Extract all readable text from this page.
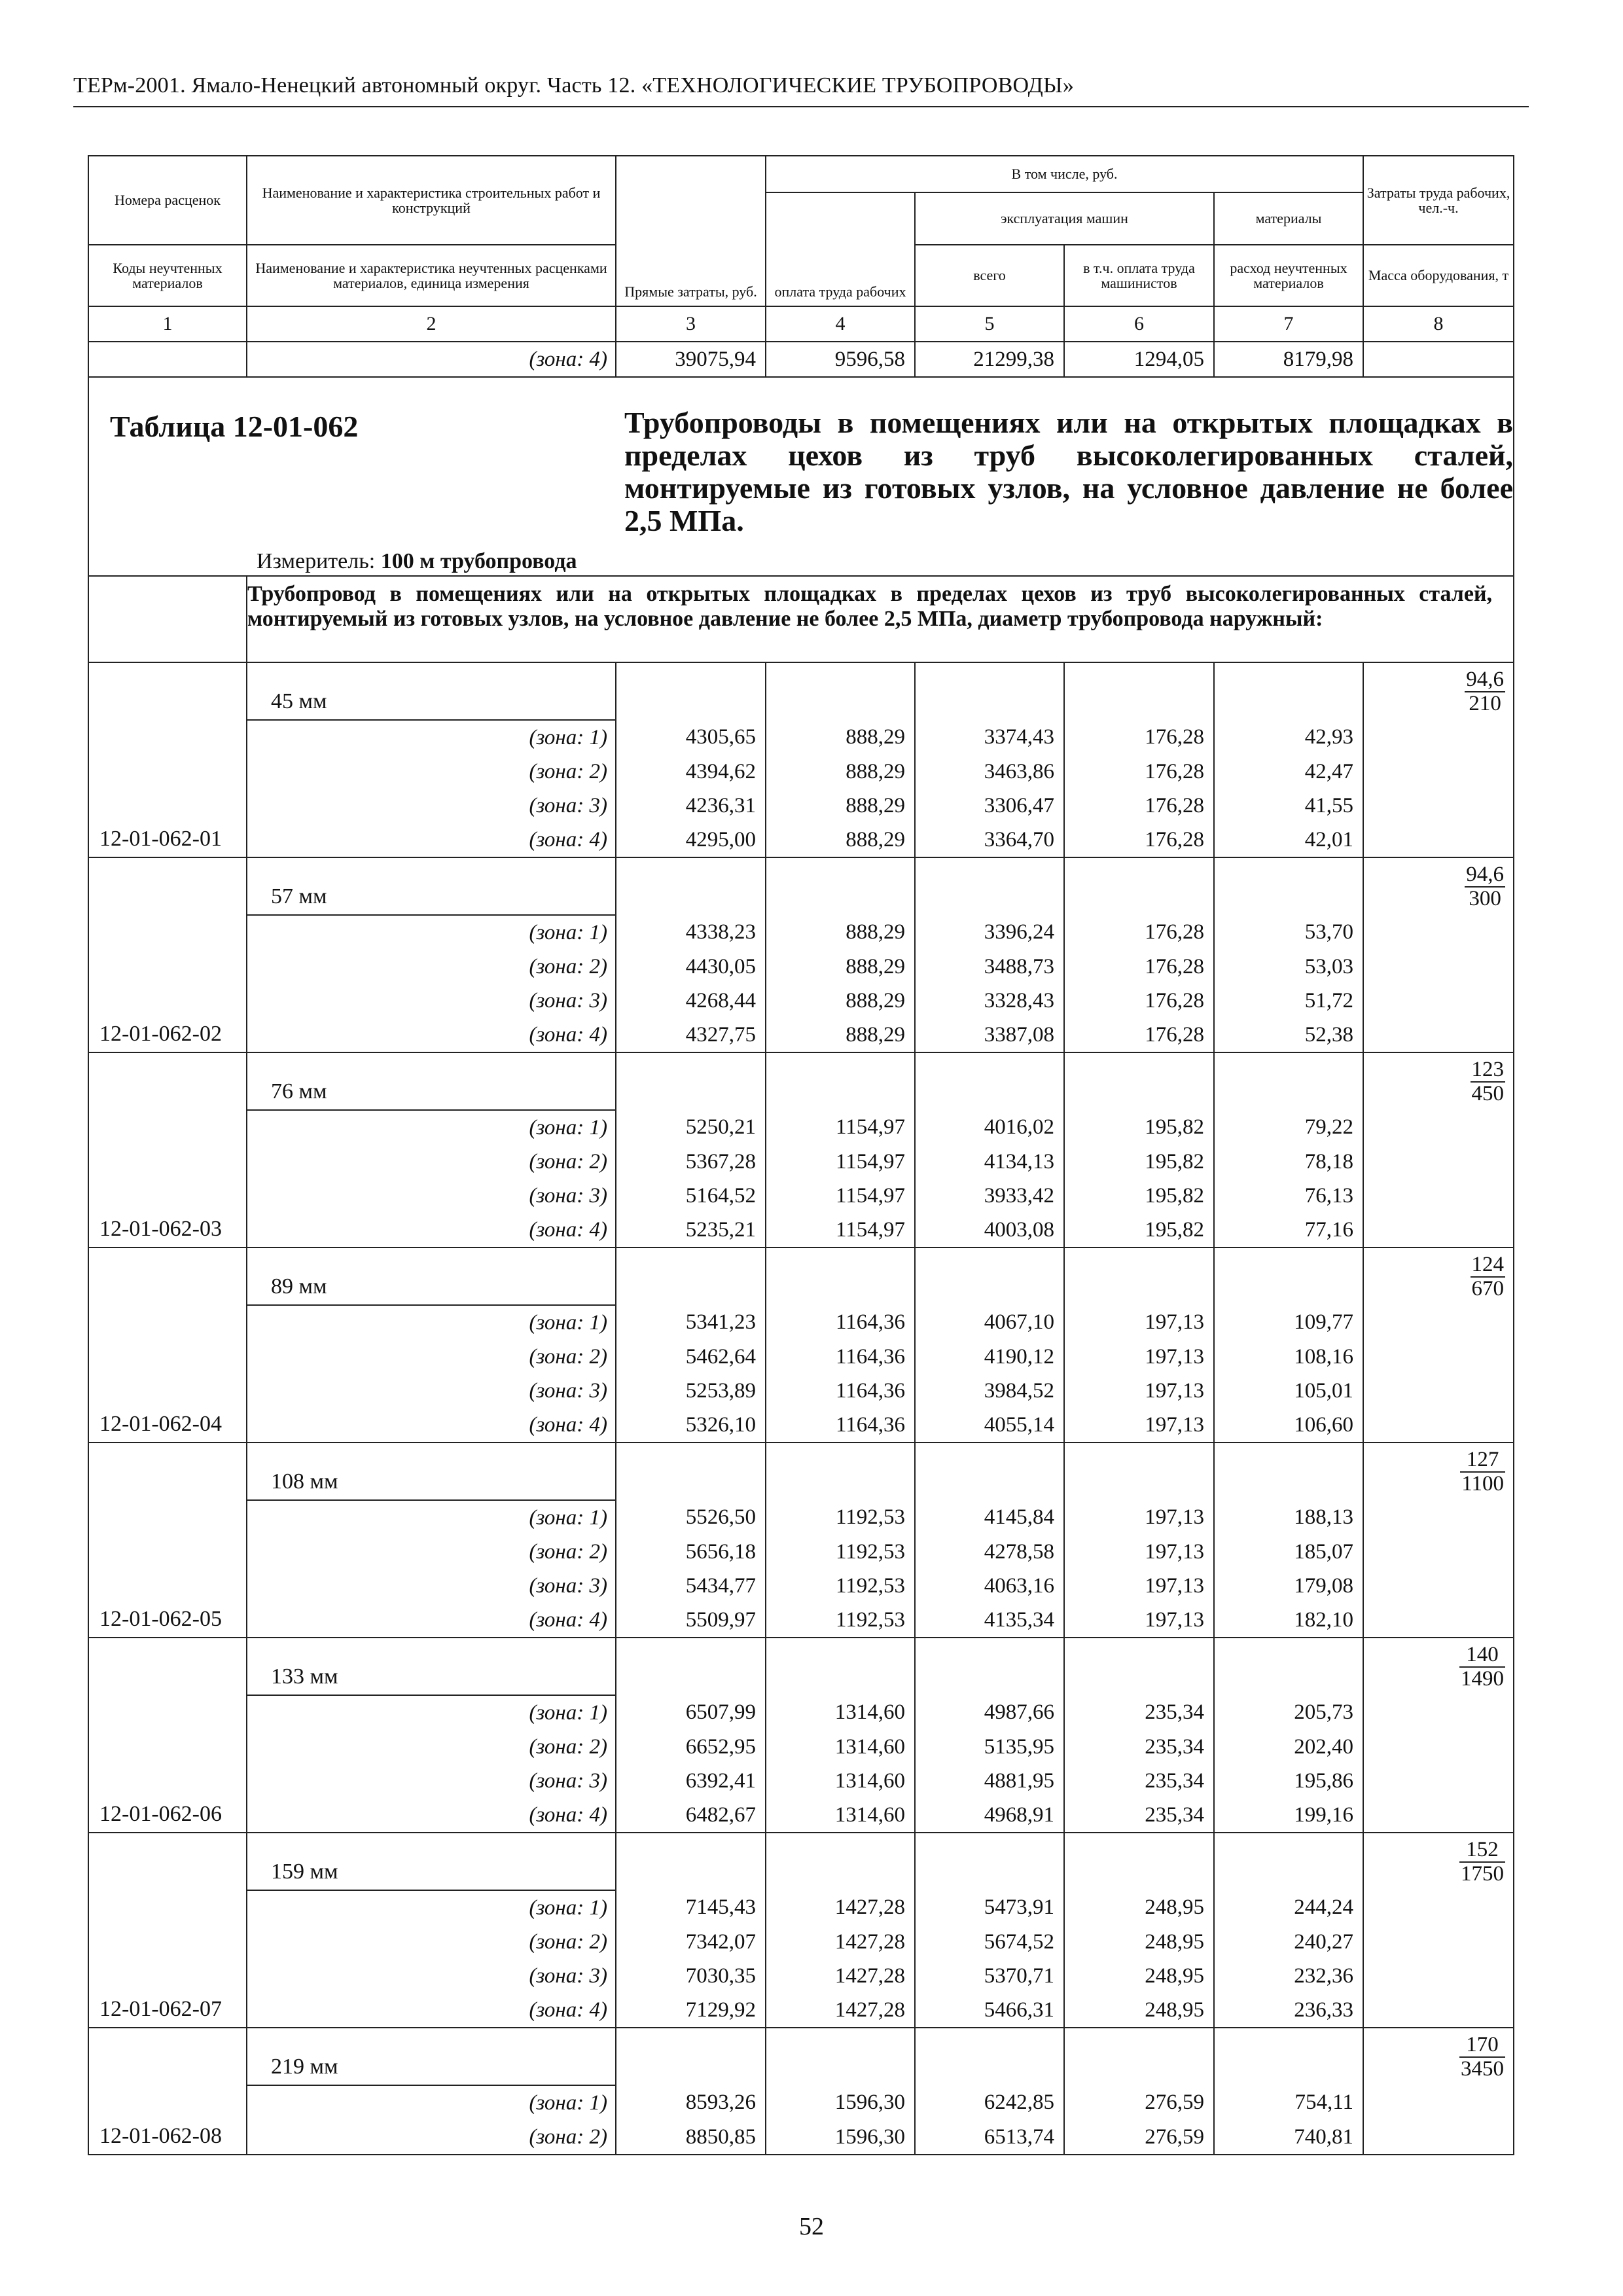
ТЕРм-2001. Ямало-Ненецкий автономный округ. Часть 12. «ТЕХНОЛОГИЧЕСКИЕ ТРУБОПРОВОДЫ»
Номера расценок	Наименование и характеристика строительных работ и конструкций	Прямые затраты, руб.	В том числе, руб.				Затраты труда рабочих, чел.-ч.
			оплата труда рабочих	эксплуатация машин		материалы	
Коды неучтенных материалов	Наименование и характеристика неучтенных расценками материалов, единица измерения			всего	в т.ч. оплата труда машинистов	расход неучтенных материалов	Масса оборудования, т
1	2	3	4	5	6	7	8
	(зона: 4)	39075,94	9596,58	21299,38	1294,05	8179,98	

Таблица 12-01-062 Трубопроводы в помещениях или на открытых площадках в пределах цехов из труб высоколегированных сталей, монтируемые из готовых узлов, на условное давление не более 2,5 МПа.
Измеритель: 100 м трубопровода							

	Трубопровод в помещениях или на открытых площадках в пределах цехов из труб высоколегированных сталей, монтируемый из готовых узлов, на условное давление не более 2,5 МПа, диаметр трубопровода наружный:						
12-01-062-01	45 мм						$\frac{94,6}{210}$

	(зона: 1)	4305,65	888,29	3374,43	176,28	42,93	
	(зона: 2)	4394,62	888,29	3463,86	176,28	42,47	
	(зона: 3)	4236,31	888,29	3306,47	176,28	41,55	
	(зона: 4)	4295,00	888,29	3364,70	176,28	42,01	
12-01-062-02	57 мм						$\frac{94,6}{300}$

	(зона: 1)	4338,23	888,29	3396,24	176,28	53,70	
	(зона: 2)	4430,05	888,29	3488,73	176,28	53,03	
	(зона: 3)	4268,44	888,29	3328,43	176,28	51,72	
	(зона: 4)	4327,75	888,29	3387,08	176,28	52,38	
12-01-062-03	76 мм						$\frac{123}{450}$

	(зона: 1)	5250,21	1154,97	4016,02	195,82	79,22	
	(зона: 2)	5367,28	1154,97	4134,13	195,82	78,18	
	(зона: 3)	5164,52	1154,97	3933,42	195,82	76,13	
	(зона: 4)	5235,21	1154,97	4003,08	195,82	77,16	
12-01-062-04	89 мм						$\frac{124}{670}$

	(зона: 1)	5341,23	1164,36	4067,10	197,13	109,77	
	(зона: 2)	5462,64	1164,36	4190,12	197,13	108,16	
	(зона: 3)	5253,89	1164,36	3984,52	197,13	105,01	
	(зона: 4)	5326,10	1164,36	4055,14	197,13	106,60	
12-01-062-05	108 мм						$\frac{127}{1100}$

	(зона: 1)	5526,50	1192,53	4145,84	197,13	188,13	
	(зона: 2)	5656,18	1192,53	4278,58	197,13	185,07	
	(зона: 3)	5434,77	1192,53	4063,16	197,13	179,08	
	(зона: 4)	5509,97	1192,53	4135,34	197,13	182,10	
12-01-062-06	133 мм						$\frac{140}{1490}$

	(зона: 1)	6507,99	1314,60	4987,66	235,34	205,73	
	(зона: 2)	6652,95	1314,60	5135,95	235,34	202,40	
	(зона: 3)	6392,41	1314,60	4881,95	235,34	195,86	
	(зона: 4)	6482,67	1314,60	4968,91	235,34	199,16	
12-01-062-07	159 мм						$\frac{152}{1750}$

	(зона: 1)	7145,43	1427,28	5473,91	248,95	244,24	
	(зона: 2)	7342,07	1427,28	5674,52	248,95	240,27	
	(зона: 3)	7030,35	1427,28	5370,71	248,95	232,36	
	(зона: 4)	7129,92	1427,28	5466,31	248,95	236,33	
12-01-062-08	219 мм						$\frac{170}{3450}$

	(зона: 1)	8593,26	1596,30	6242,85	276,59	754,11	
	(зона: 2)	8850,85	1596,30	6513,74	276,59	740,81	
52
